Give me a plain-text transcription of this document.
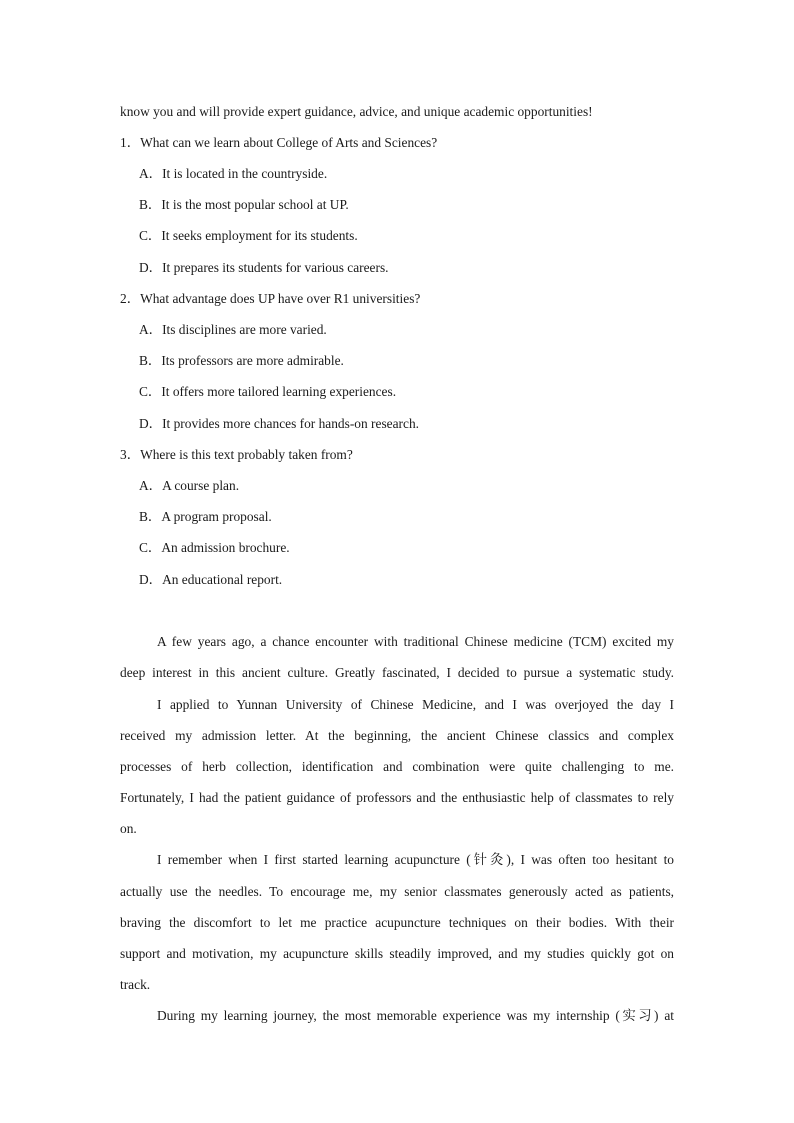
know you and will provide expert guidance, advice, and unique academic opportunities!
1．What can we learn about College of Arts and Sciences?
A．It is located in the countryside.
B．It is the most popular school at UP.
C．It seeks employment for its students.
D．It prepares its students for various careers.
2．What advantage does UP have over R1 universities?
A．Its disciplines are more varied.
B．Its professors are more admirable.
C．It offers more tailored learning experiences.
D．It provides more chances for hands-on research.
3．Where is this text probably taken from?
A．A course plan.
B．A program proposal.
C．An admission brochure.
D．An educational report.
A few years ago, a chance encounter with traditional Chinese medicine (TCM) excited my
deep interest in this ancient culture. Greatly fascinated, I decided to pursue a systematic study.
I applied to Yunnan University of Chinese Medicine, and I was overjoyed the day I
received my admission letter. At the beginning, the ancient Chinese classics and complex
processes of herb collection, identification and combination were quite challenging to me.
Fortunately, I had the patient guidance of professors and the enthusiastic help of classmates to rely
on.
I remember when I first started learning acupuncture (针灸), I was often too hesitant to
actually use the needles. To encourage me, my senior classmates generously acted as patients,
braving the discomfort to let me practice acupuncture techniques on their bodies. With their
support and motivation, my acupuncture skills steadily improved, and my studies quickly got on
track.
During my learning journey, the most memorable experience was my internship (实习) at
